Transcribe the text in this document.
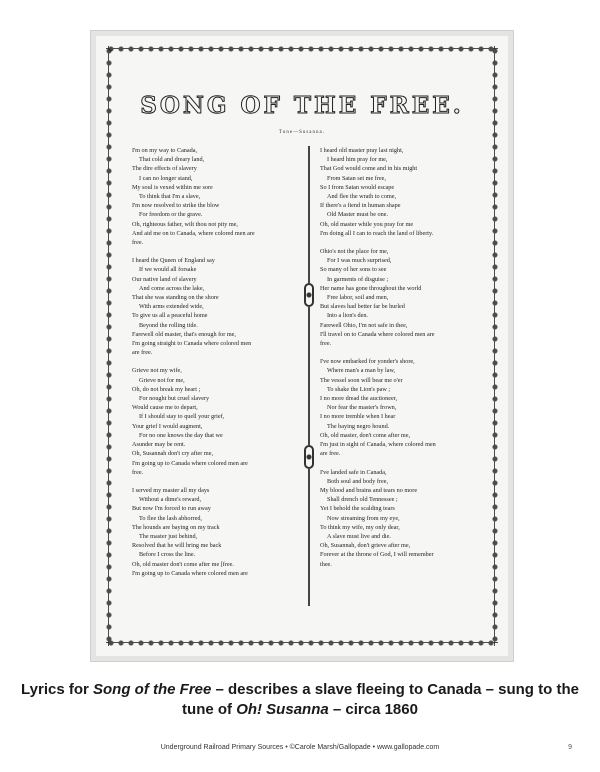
SONG OF THE FREE.
Tune—Susanna.
I'm on my way to Canada,
That cold and dreary land,
The dire effects of slavery
I can no longer stand,
My soul is vexed within me sore
To think that I'm a slave,
I'm now resolved to strike the blow
For freedom or the grave.
Oh, righteous father, wilt thou not pity me,
And aid me on to Canada, where colored men are
free.
I heard the Queen of England say
If we would all forsake
Our native land of slavery
And come across the lake,
That she was standing on the shore
With arms extended wide,
To give us all a peaceful home
Beyond the rolling tide.
Farewell old master, that's enough for me,
I'm going straight to Canada where colored men
are free.
Grieve not my wife,
Grieve not for me,
Oh, do not break my heart ;
For nought but cruel slavery
Would cause me to depart,
If I should stay to quell your grief,
Your grief I would augment,
For no one knows the day that we
Asunder may be rent.
Oh, Susannah don't cry after me,
I'm going up to Canada where colored men are
free.
I served my master all my days
Without a dime's reward,
But now I'm forced to run away
To flee the lash abhorred,
The hounds are baying on my track
The master just behind,
Resolved that he will bring me back
Before I cross the line.
Oh, old master don't come after me [free.
I'm going up to Canada where colored men are
I heard old master pray last night,
I heard him pray for me,
That God would come and in his might
From Satan set me free,
So I from Satan would escape
And flee the wrath to come,
If there's a fiend in human shape
Old Master must be one.
Oh, old master while you pray for me
I'm doing all I can to reach the land of liberty.
Ohio's not the place for me,
For I was much surprised,
So many of her sons to see
In garments of disguise ;
Her name has gone throughout the world
Free labor, soil and men,
But slaves had better far be hurled
Into a lion's den.
Farewell Ohio, I'm not safe in thee,
I'll travel on to Canada where colored men are
free.
I've now embarked for yonder's shore,
Where man's a man by law,
The vessel soon will bear me o'er
To shake the Lion's paw ;
I no more dread the auctioneer,
Nor fear the master's frown,
I no more tremble when I hear
The baying negro hound.
Oh, old master, don't come after me,
I'm just in sight of Canada, where colored men
are free.
I've landed safe in Canada,
Both soul and body free,
My blood and brains and tears no more
Shall drench old Tennessee ;
Yet I behold the scalding tears
Now streaming from my eye,
To think my wife, my only dear,
A slave must live and die.
Oh, Susannah, don't grieve after me,
Forever at the throne of God, I will remember
thee.
Lyrics for Song of the Free – describes a slave fleeing to Canada – sung to the tune of Oh! Susanna – circa 1860
Underground Railroad Primary Sources • ©Carole Marsh/Gallopade • www.gallopade.com	9
